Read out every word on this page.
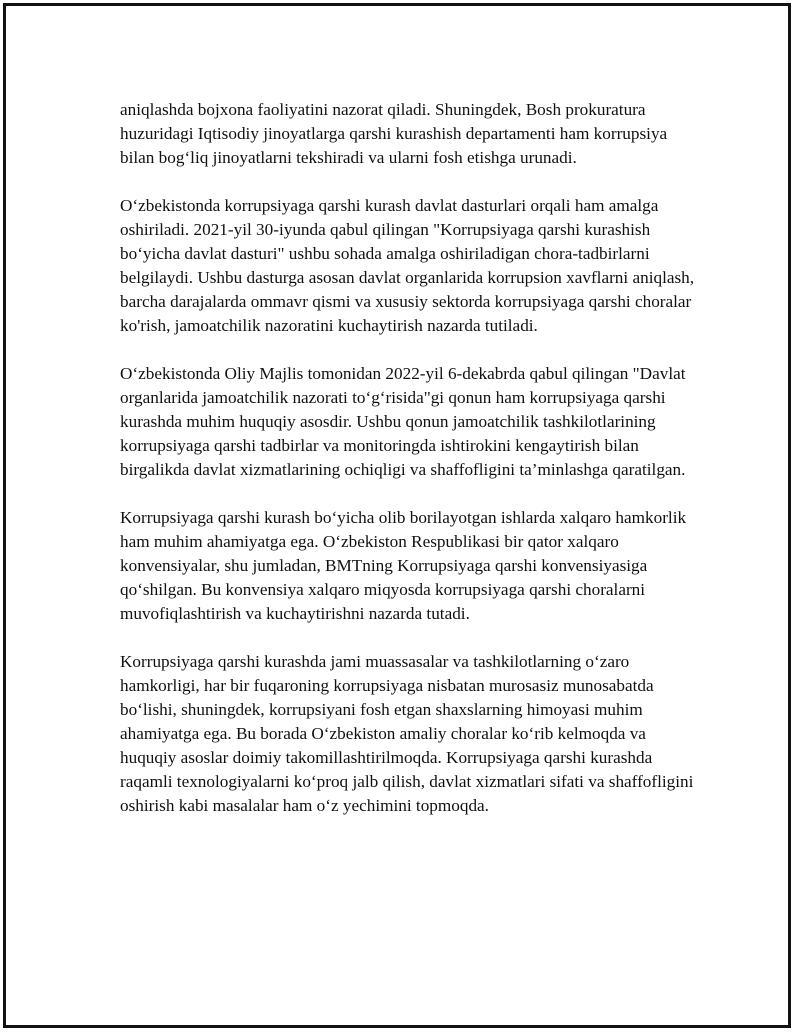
aniqlashda bojxona faoliyatini nazorat qiladi. Shuningdek, Bosh prokuratura huzuridagi Iqtisodiy jinoyatlarga qarshi kurashish departamenti ham korrupsiya bilan bog‘liq jinoyatlarni tekshiradi va ularni fosh etishga urunadi.

O‘zbekistonda korrupsiyaga qarshi kurash davlat dasturlari orqali ham amalga oshiriladi. 2021-yil 30-iyunda qabul qilingan "Korrupsiyaga qarshi kurashish bo‘yicha davlat dasturi" ushbu sohada amalga oshiriladigan chora-tadbirlarni belgilaydi. Ushbu dasturga asosan davlat organlarida korrupsion xavflarni aniqlash, barcha darajalarda ommavr qismi va xususiy sektorda korrupsiyaga qarshi choralar ko'rish, jamoatchilik nazoratini kuchaytirish nazarda tutiladi.

O‘zbekistonda Oliy Majlis tomonidan 2022-yil 6-dekabrda qabul qilingan "Davlat organlarida jamoatchilik nazorati to‘g‘risida"gi qonun ham korrupsiyaga qarshi kurashda muhim huquqiy asosdir. Ushbu qonun jamoatchilik tashkilotlarining korrupsiyaga qarshi tadbirlar va monitoringda ishtirokini kengaytirish bilan birgalikda davlat xizmatlarining ochiqligi va shaffofligini ta’minlashga qaratilgan.

Korrupsiyaga qarshi kurash bo‘yicha olib borilayotgan ishlarda xalqaro hamkorlik ham muhim ahamiyatga ega. O‘zbekiston Respublikasi bir qator xalqaro konvensiyalar, shu jumladan, BMTning Korrupsiyaga qarshi konvensiyasiga qo‘shilgan. Bu konvensiya xalqaro miqyosda korrupsiyaga qarshi choralarni muvofiqlashtirish va kuchaytirishni nazarda tutadi.

Korrupsiyaga qarshi kurashda jami muassasalar va tashkilotlarning o‘zaro hamkorligi, har bir fuqaroning korrupsiyaga nisbatan murosasiz munosabatda bo‘lishi, shuningdek, korrupsiyani fosh etgan shaxslarning himoyasi muhim ahamiyatga ega. Bu borada O‘zbekiston amaliy choralar ko‘rib kelmoqda va huquqiy asoslar doimiy takomillashtirilmoqda. Korrupsiyaga qarshi kurashda raqamli texnologiyalarni ko‘proq jalb qilish, davlat xizmatlari sifati va shaffofligini oshirish kabi masalalar ham o‘z yechimini topmoqda.
